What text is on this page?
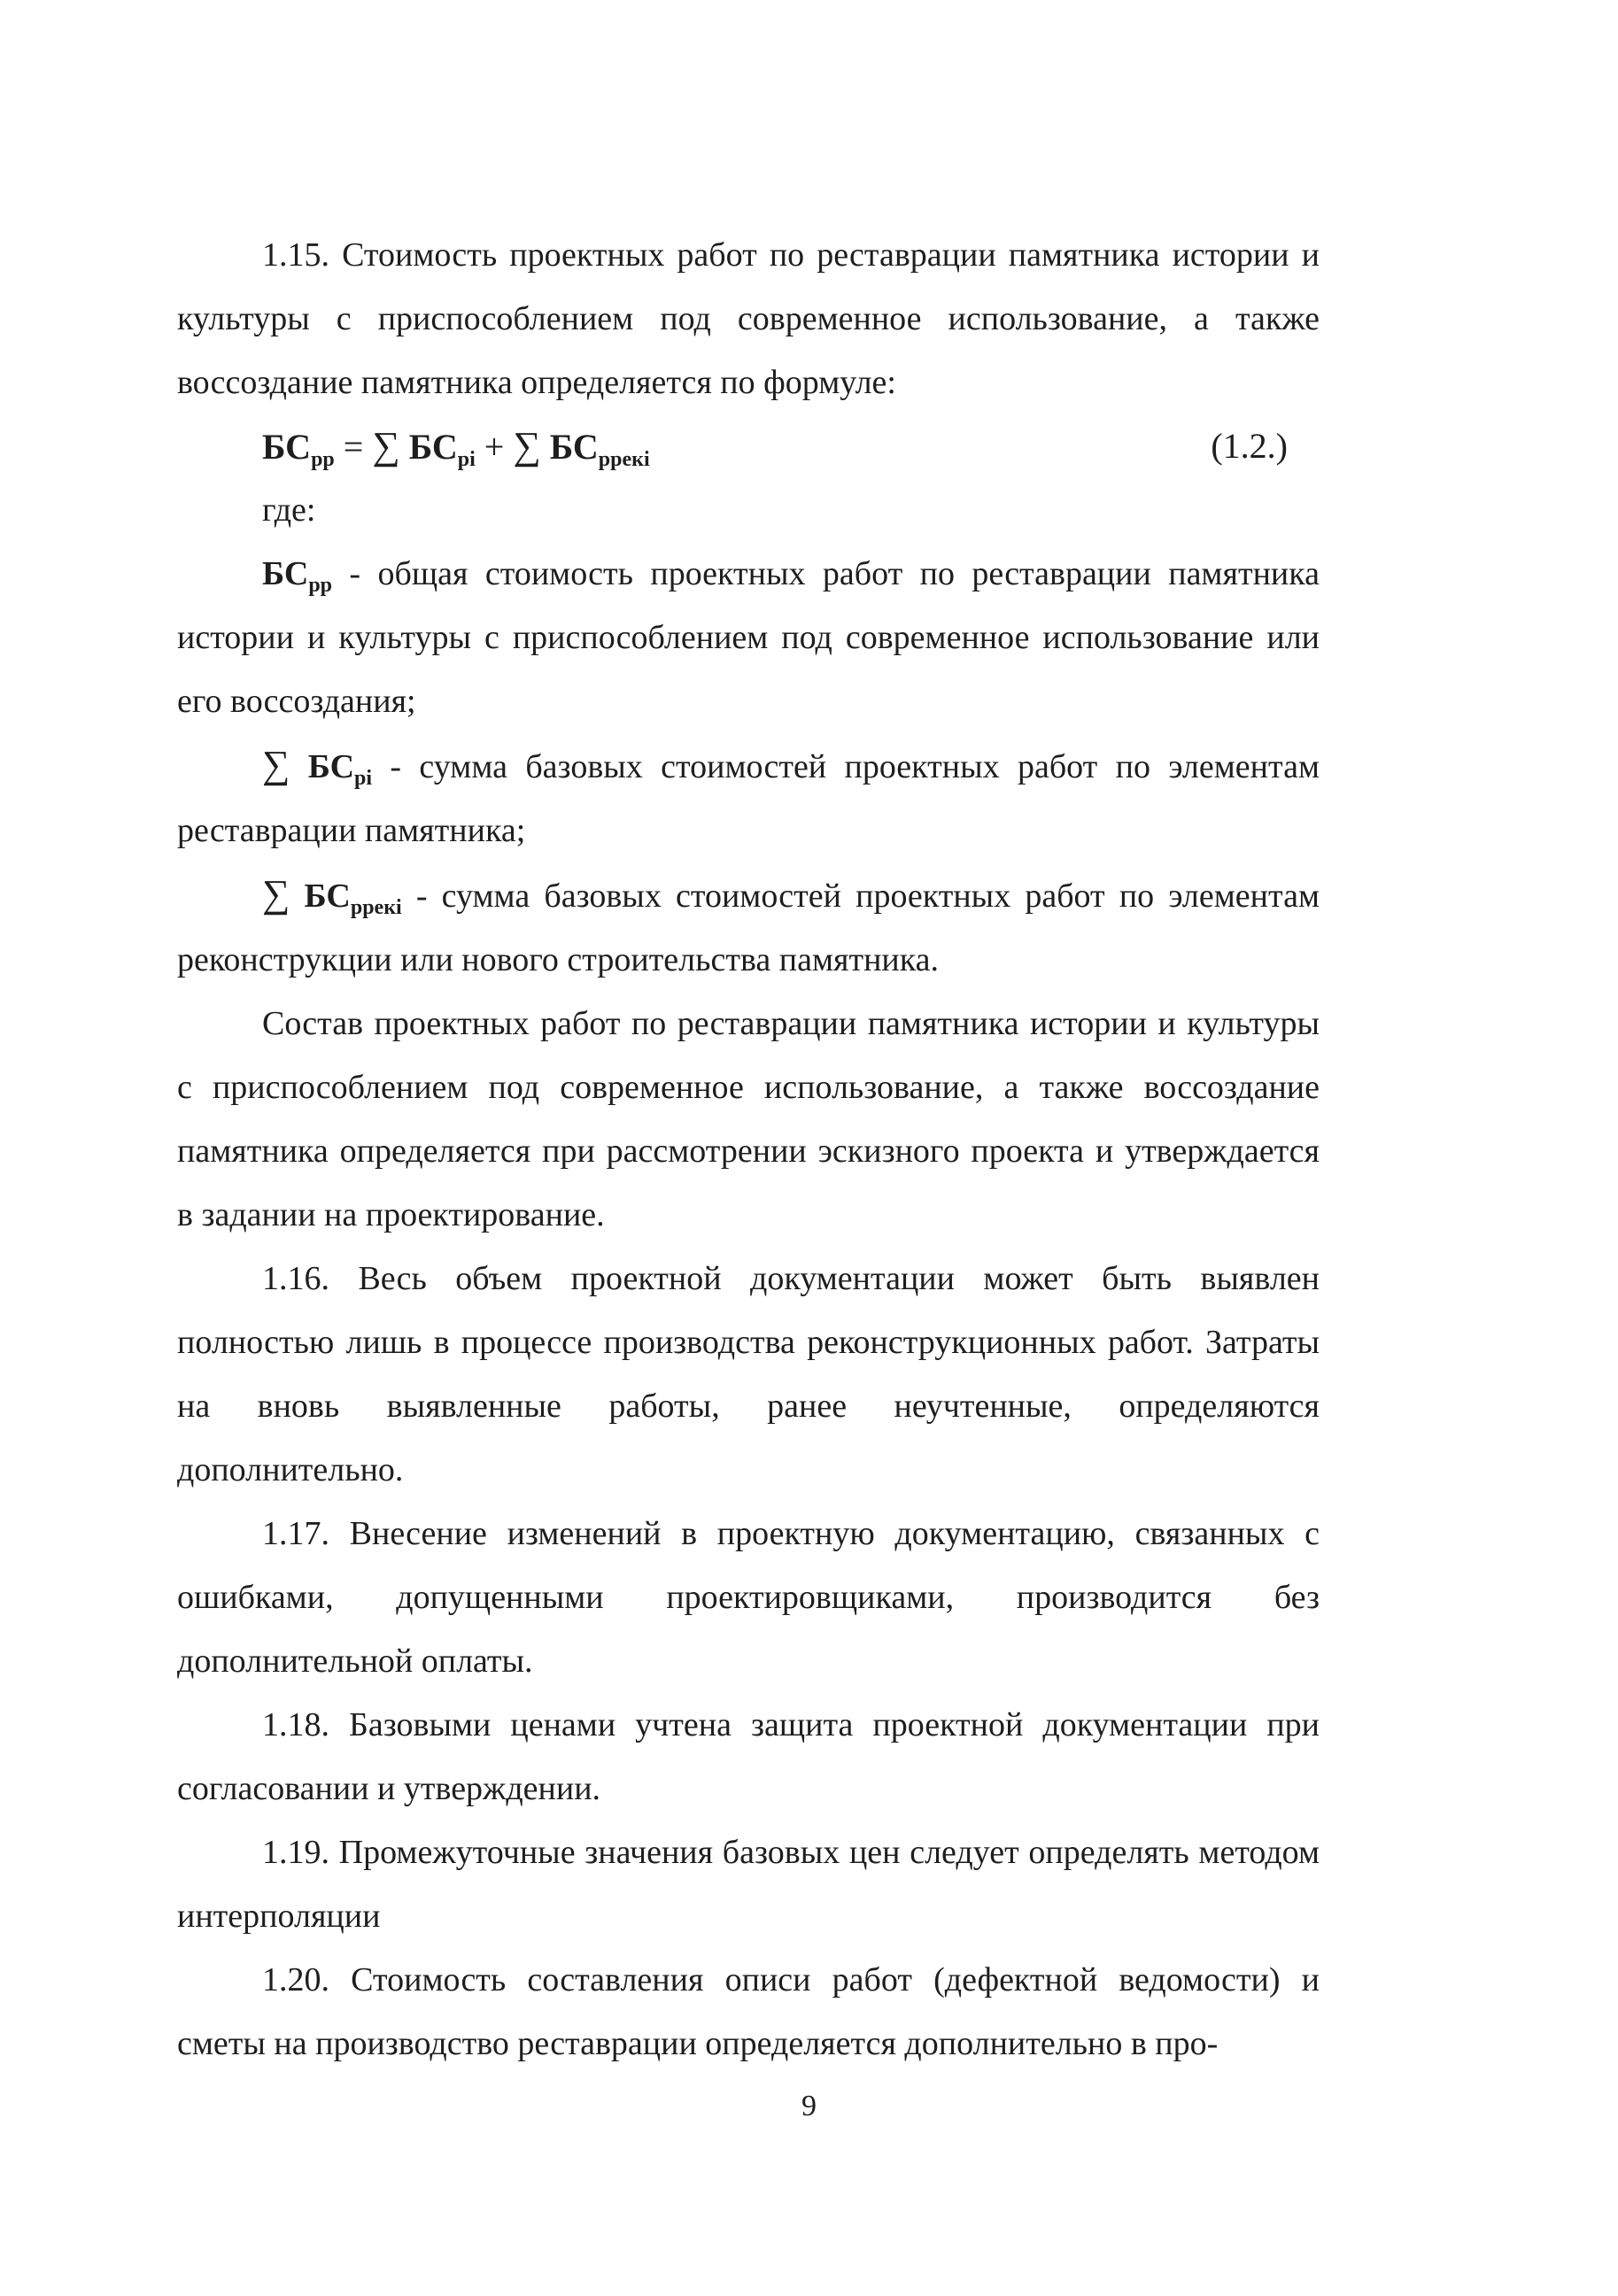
1.15. Стоимость проектных работ по реставрации памятника истории и культуры с приспособлением под современное использование, а также воссоздание памятника определяется по формуле:

$БС_{рр}$ = ∑ $БС_{рі}$ + ∑ $БС_{ррекі}$	(1.2.)

где:

$БС_{рр}$ - общая стоимость проектных работ по реставрации памятника истории и культуры с приспособлением под современное использование или его воссоздания;

∑ $БС_{рі}$ - сумма базовых стоимостей проектных работ по элементам реставрации памятника;

∑ $БС_{ррекі}$ - сумма базовых стоимостей проектных работ по элементам реконструкции или нового строительства памятника.

Состав проектных работ по реставрации памятника истории и культуры с приспособлением под современное использование, а также воссоздание памятника определяется при рассмотрении эскизного проекта и утверждается в задании на проектирование.

1.16. Весь объем проектной документации может быть выявлен полностью лишь в процессе производства реконструкционных работ. Затраты на вновь выявленные работы, ранее неучтенные, определяются дополнительно.

1.17. Внесение изменений в проектную документацию, связанных с ошибками, допущенными проектировщиками, производится без дополнительной оплаты.

1.18. Базовыми ценами учтена защита проектной документации при согласовании и утверждении.

1.19. Промежуточные значения базовых цен следует определять методом интерполяции

1.20. Стоимость составления описи работ (дефектной ведомости) и сметы на производство реставрации определяется дополнительно в про-

9
